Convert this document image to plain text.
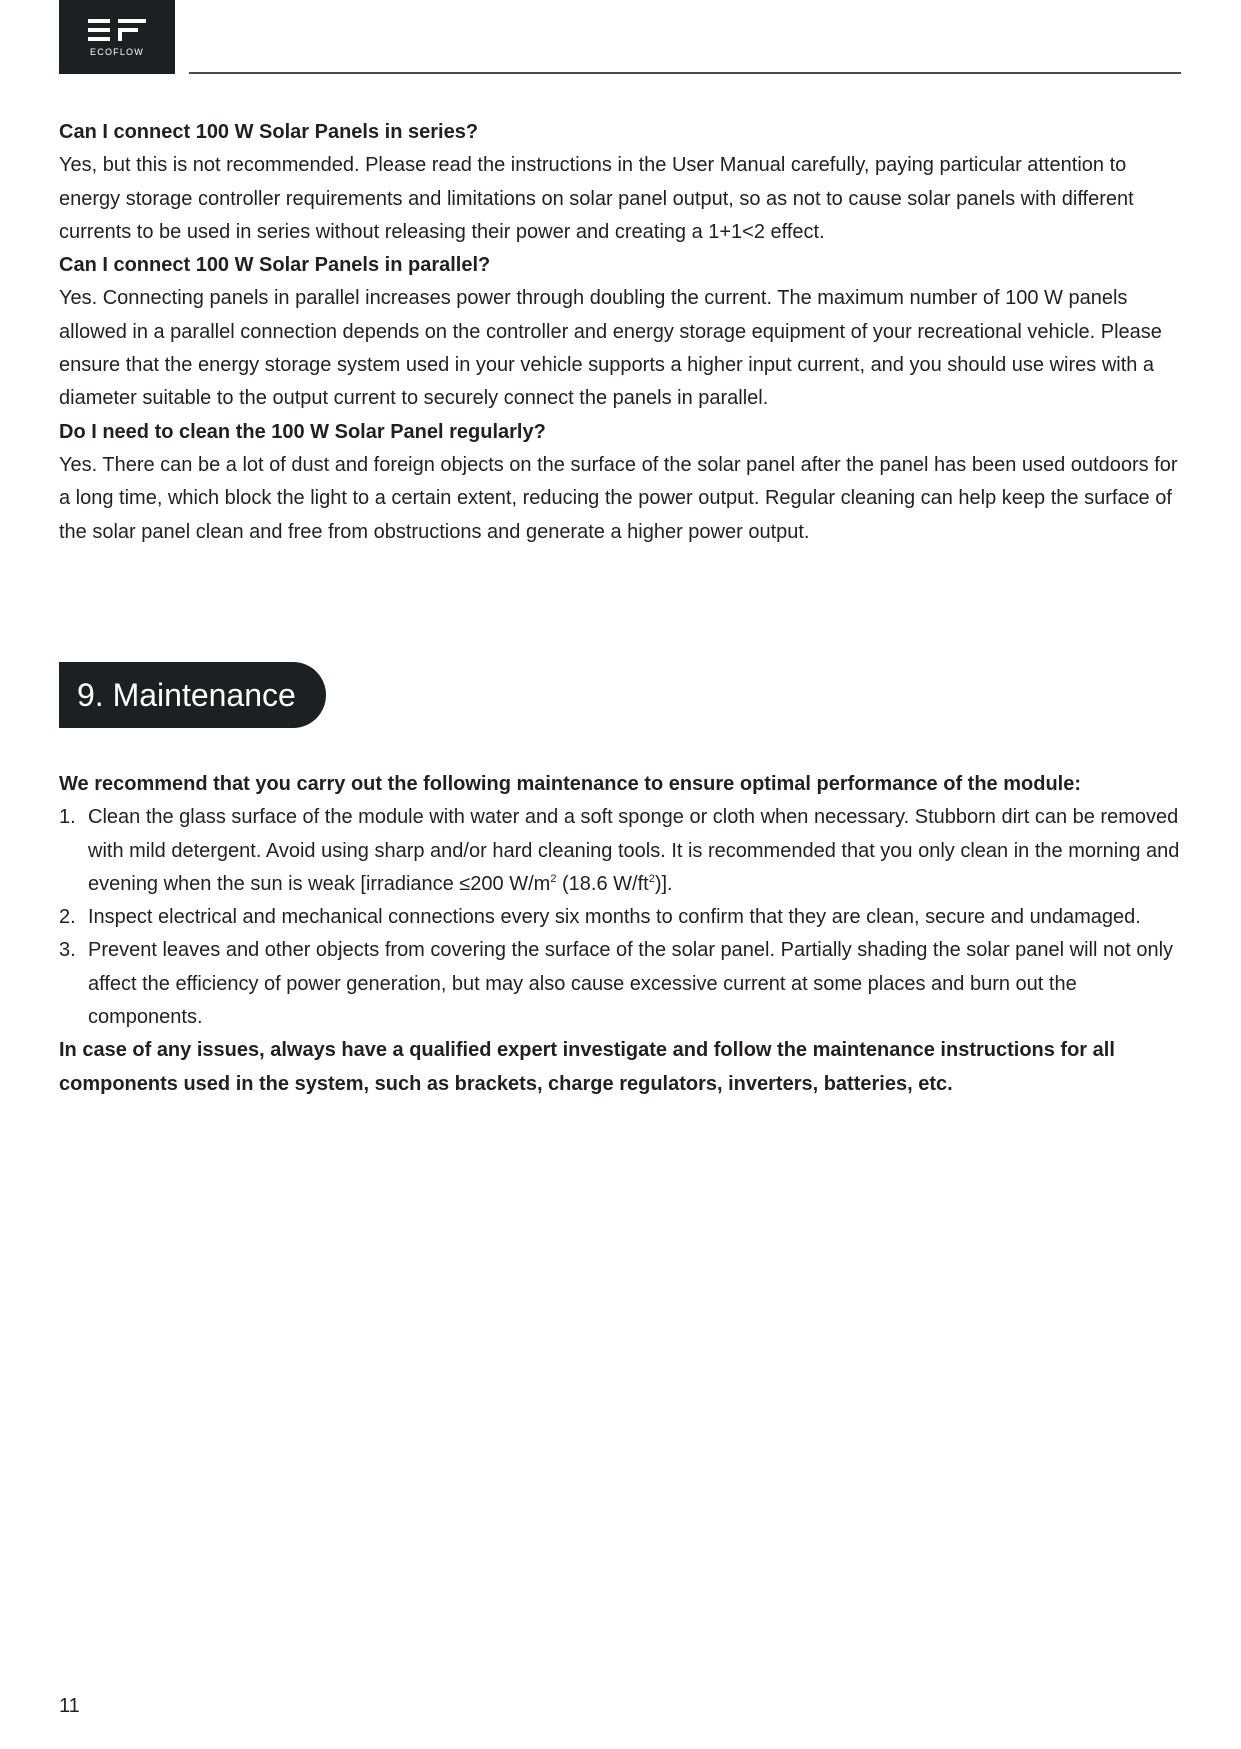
ECOFLOW

Can I connect 100 W Solar Panels in series?

Yes, but this is not recommended. Please read the instructions in the User Manual carefully, paying particular attention to energy storage controller requirements and limitations on solar panel output, so as not to cause solar panels with different currents to be used in series without releasing their power and creating a 1+1<2 effect.

Can I connect 100 W Solar Panels in parallel?

Yes. Connecting panels in parallel increases power through doubling the current. The maximum number of 100 W panels allowed in a parallel connection depends on the controller and energy storage equipment of your recreational vehicle. Please ensure that the energy storage system used in your vehicle supports a higher input current, and you should use wires with a diameter suitable to the output current to securely connect the panels in parallel.

Do I need to clean the 100 W Solar Panel regularly?

Yes. There can be a lot of dust and foreign objects on the surface of the solar panel after the panel has been used outdoors for a long time, which block the light to a certain extent, reducing the power output. Regular cleaning can help keep the surface of the solar panel clean and free from obstructions and generate a higher power output.

9. Maintenance

We recommend that you carry out the following maintenance to ensure optimal performance of the module:

1. Clean the glass surface of the module with water and a soft sponge or cloth when necessary. Stubborn dirt can be removed with mild detergent. Avoid using sharp and/or hard cleaning tools. It is recommended that you only clean in the morning and evening when the sun is weak [irradiance ≤200 $W/m^2$ (18.6 $W/ft^2$)].
2. Inspect electrical and mechanical connections every six months to confirm that they are clean, secure and undamaged.
3. Prevent leaves and other objects from covering the surface of the solar panel. Partially shading the solar panel will not only affect the efficiency of power generation, but may also cause excessive current at some places and burn out the components.

In case of any issues, always have a qualified expert investigate and follow the maintenance instructions for all components used in the system, such as brackets, charge regulators, inverters, batteries, etc.

11
